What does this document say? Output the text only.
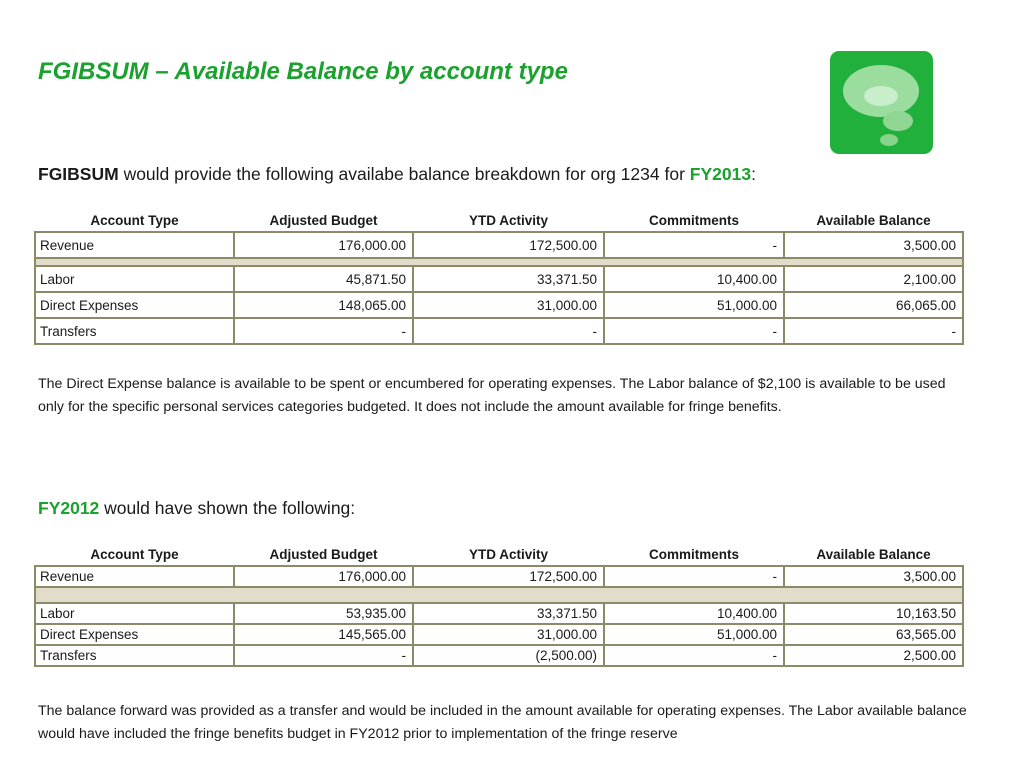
FGIBSUM – Available Balance by account type

FGIBSUM would provide the following availabe balance breakdown for org 1234 for FY2013:

Account Type	Adjusted Budget	YTD Activity	Commitments	Available Balance
Revenue	176,000.00	172,500.00	-	3,500.00

Labor	45,871.50	33,371.50	10,400.00	2,100.00
Direct Expenses	148,065.00	31,000.00	51,000.00	66,065.00
Transfers	-	-	-	-

The Direct Expense balance is available to be spent or encumbered for operating expenses. The Labor balance of $2,100 is available to be used only for the specific personal services categories budgeted. It does not include the amount available for fringe benefits.

FY2012 would have shown the following:

Account Type	Adjusted Budget	YTD Activity	Commitments	Available Balance
Revenue	176,000.00	172,500.00	-	3,500.00

Labor	53,935.00	33,371.50	10,400.00	10,163.50
Direct Expenses	145,565.00	31,000.00	51,000.00	63,565.00
Transfers	-	(2,500.00)	-	2,500.00

The balance forward was provided as a transfer and would be included in the amount available for operating expenses. The Labor available balance would have included the fringe benefits budget in FY2012 prior to implementation of the fringe reserve
